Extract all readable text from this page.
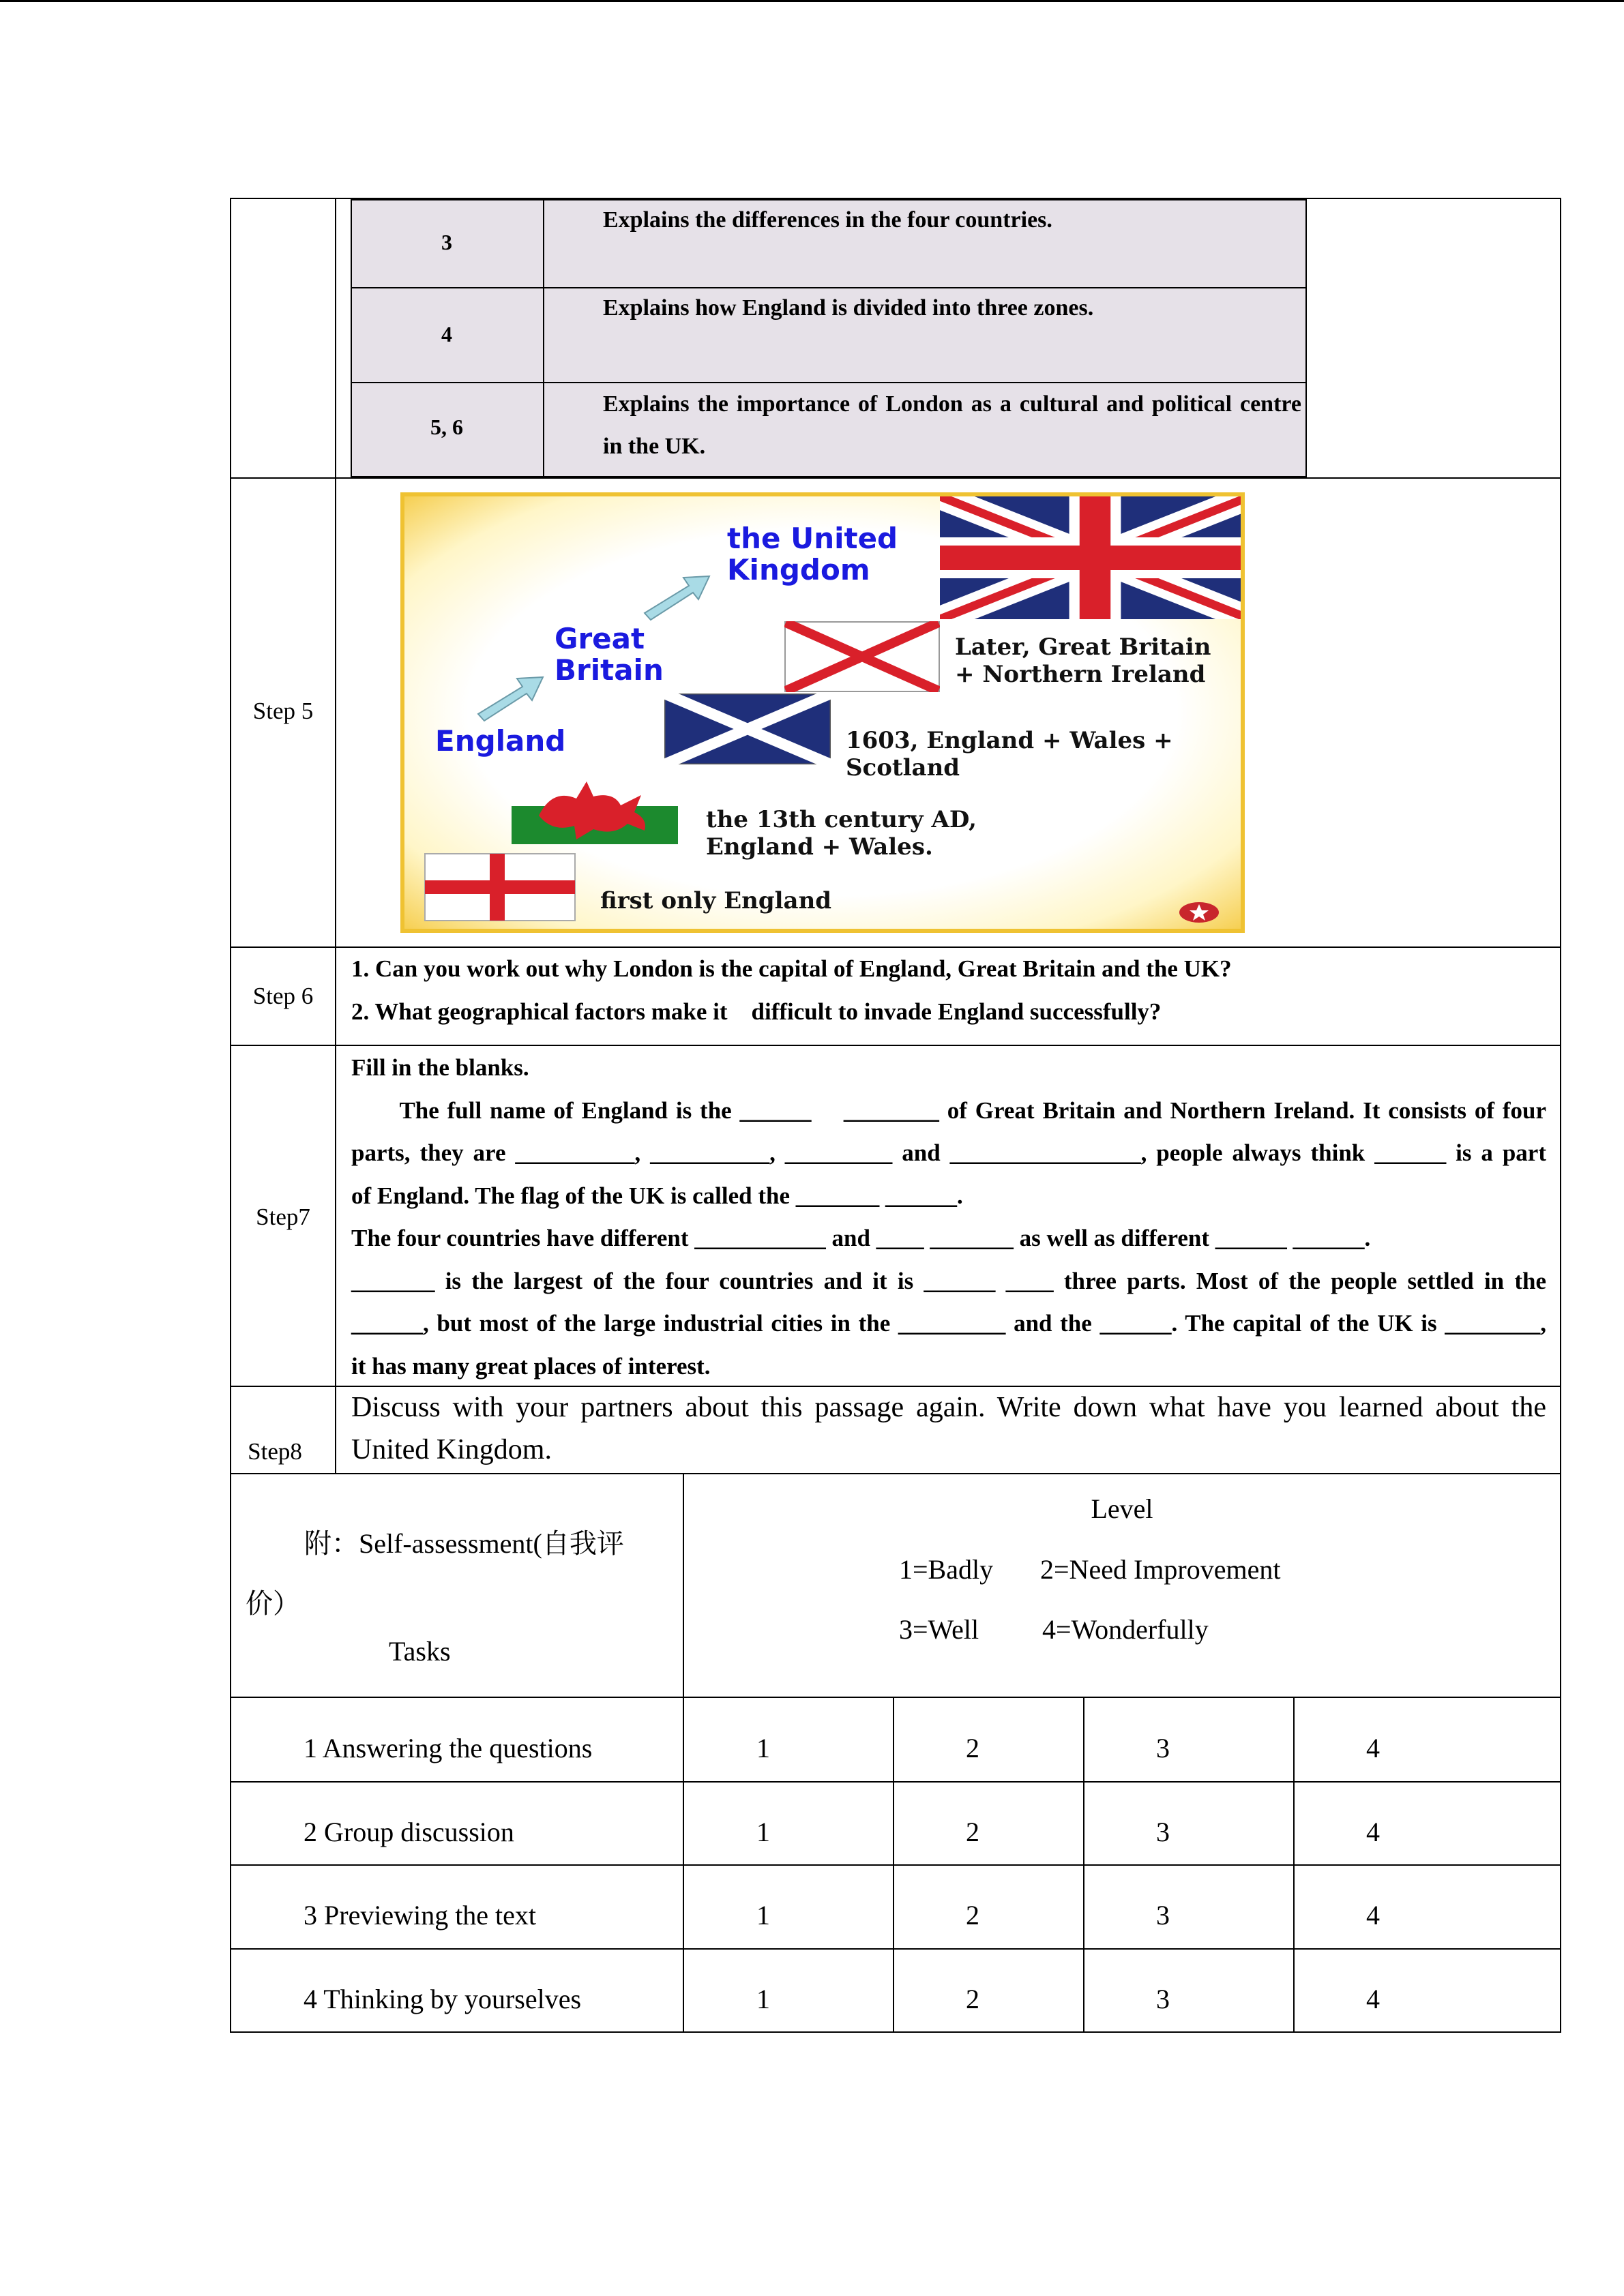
3
Explains the differences in the four countries.
4
Explains how England is divided into three zones.
5, 6
Explains the importance of London as a cultural and political centre in the UK.
Step 5
the United
Kingdom
Great
Britain
England
Later, Great Britain
+ Northern Ireland
1603, England + Wales +
Scotland
the 13th century AD,
England + Wales.
first only England
Step 6
1. Can you work out why London is the capital of England, Great Britain and the UK?
2. What geographical factors make it    difficult to invade England successfully?
Step7
Fill in the blanks.
The full name of England is the ______    ________ of Great Britain and Northern Ireland. It consists of four
parts, they are __________, __________, _________ and ________________, people always think ______ is a part
of England. The flag of the UK is called the _______ ______.
The four countries have different ___________ and ____ _______ as well as different ______ ______.
_______ is the largest of the four countries and it is ______ ____ three parts. Most of the people settled in the
______, but most of the large industrial cities in the _________ and the ______. The capital of the UK is ________,
it has many great places of interest.
Step8
Discuss with your partners about this passage again. Write down what have you learned about the United Kingdom.
附：Self-assessment(自我评
价）
Tasks
Level
1=Badly 2=Need Improvement
3=Well 4=Wonderfully
1 Answering the questions	1	2	3	4
2 Group discussion	1	2	3	4
3 Previewing the text	1	2	3	4
4 Thinking by yourselves	1	2	3	4
